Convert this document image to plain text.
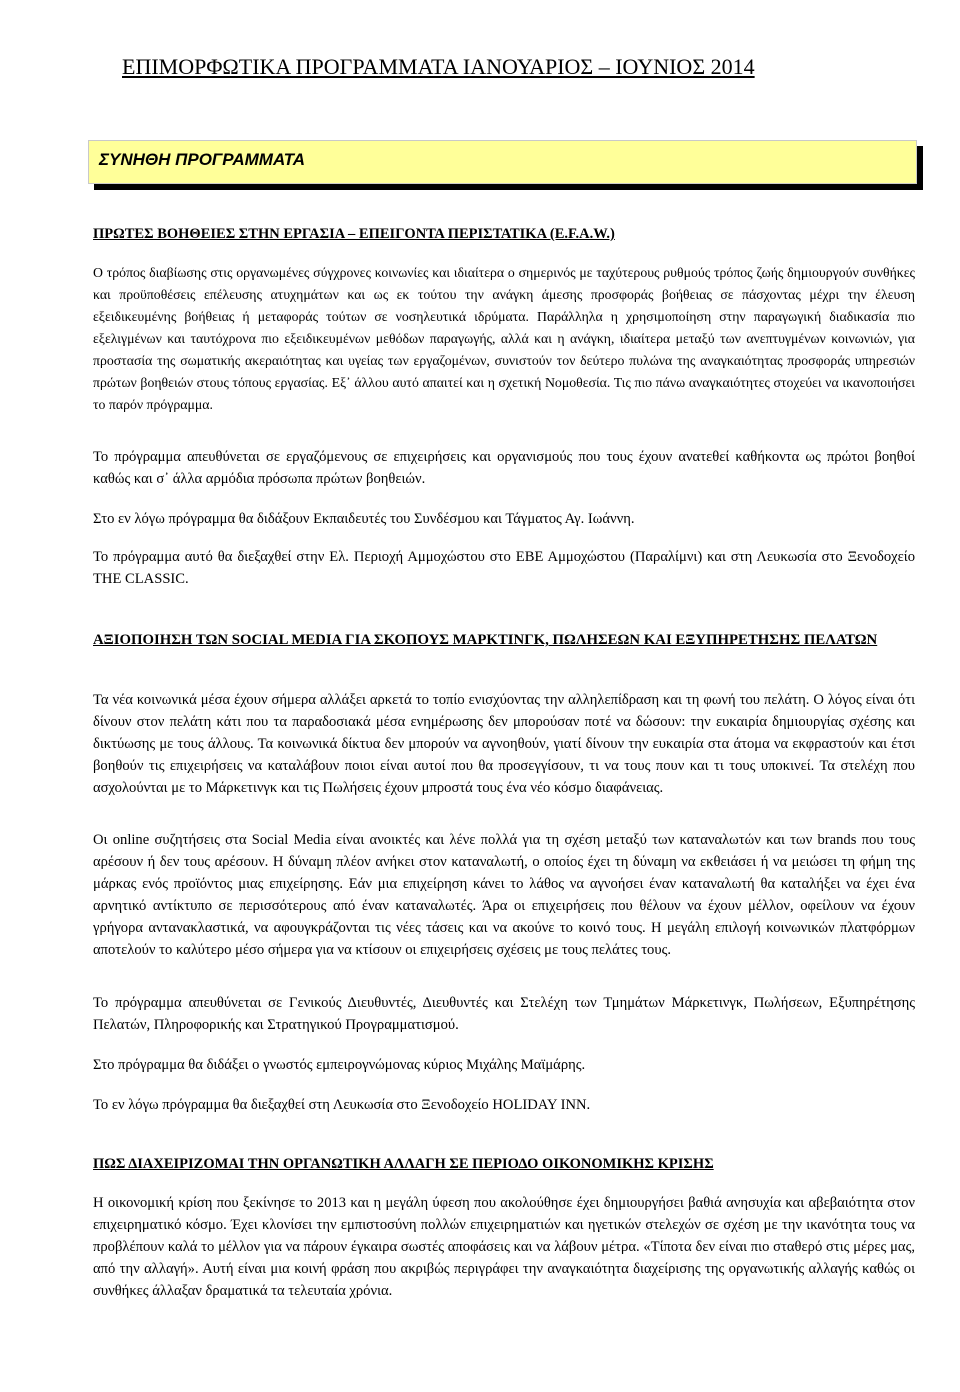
ΕΠΙΜΟΡΦΩΤΙΚΑ ΠΡΟΓΡΑΜΜΑΤΑ ΙΑΝΟΥΑΡΙΟΣ – ΙΟΥΝΙΟΣ 2014
ΣΥΝΗΘΗ ΠΡΟΓΡΑΜΜΑΤΑ
ΠΡΩΤΕΣ ΒΟΗΘΕΙΕΣ ΣΤΗΝ ΕΡΓΑΣΙΑ – ΕΠΕΙΓΟΝΤΑ ΠΕΡΙΣΤΑΤΙΚΑ (E.F.A.W.)

Ο τρόπος διαβίωσης στις οργανωμένες σύγχρονες κοινωνίες και ιδιαίτερα ο σημερινός με ταχύτερους ρυθμούς τρόπος ζωής δημιουργούν συνθήκες και προϋποθέσεις επέλευσης ατυχημάτων και ως εκ τούτου την ανάγκη άμεσης προσφοράς βοήθειας σε πάσχοντας μέχρι την έλευση εξειδικευμένης βοήθειας ή μεταφοράς τούτων σε νοσηλευτικά ιδρύματα. Παράλληλα η χρησιμοποίηση στην παραγωγική διαδικασία πιο εξελιγμένων και ταυτόχρονα πιο εξειδικευμένων μεθόδων παραγωγής, αλλά και η ανάγκη, ιδιαίτερα μεταξύ των ανεπτυγμένων κοινωνιών, για προστασία της σωματικής ακεραιότητας και υγείας των εργαζομένων, συνιστούν τον δεύτερο πυλώνα της αναγκαιότητας προσφοράς υπηρεσιών πρώτων βοηθειών στους τόπους εργασίας. Εξ᾽ άλλου αυτό απαιτεί και η σχετική Νομοθεσία. Τις πιο πάνω αναγκαιότητες στοχεύει να ικανοποιήσει το παρόν πρόγραμμα.

Το πρόγραμμα απευθύνεται σε εργαζόμενους σε επιχειρήσεις και οργανισμούς που τους έχουν ανατεθεί καθήκοντα ως πρώτοι βοηθοί καθώς και σ᾽ άλλα αρμόδια πρόσωπα πρώτων βοηθειών.

Στο εν λόγω πρόγραμμα θα διδάξουν Εκπαιδευτές του Συνδέσμου και Τάγματος Αγ. Ιωάννη.

Το πρόγραμμα αυτό θα διεξαχθεί στην Ελ. Περιοχή Αμμοχώστου στο ΕΒΕ Αμμοχώστου (Παραλίμνι) και στη Λευκωσία στο Ξενοδοχείο THE CLASSIC.

ΑΞΙΟΠΟΙΗΣΗ ΤΩΝ SOCIAL MEDIA ΓΙΑ ΣΚΟΠΟΥΣ ΜΑΡΚΤΙΝΓΚ, ΠΩΛΗΣΕΩΝ ΚΑΙ ΕΞΥΠΗΡΕΤΗΣΗΣ ΠΕΛΑΤΩΝ

Τα νέα κοινωνικά μέσα έχουν σήμερα αλλάξει αρκετά το τοπίο ενισχύοντας την αλληλεπίδραση και τη φωνή του πελάτη. Ο λόγος είναι ότι δίνουν στον πελάτη κάτι που τα παραδοσιακά μέσα ενημέρωσης δεν μπορούσαν ποτέ να δώσουν: την ευκαιρία δημιουργίας σχέσης και δικτύωσης με τους άλλους. Τα κοινωνικά δίκτυα δεν μπορούν να αγνοηθούν, γιατί δίνουν την ευκαιρία στα άτομα να εκφραστούν και έτσι βοηθούν τις επιχειρήσεις να καταλάβουν ποιοι είναι αυτοί που θα προσεγγίσουν, τι να τους πουν και τι τους υποκινεί. Τα στελέχη που ασχολούνται με το Μάρκετινγκ και τις Πωλήσεις έχουν μπροστά τους ένα νέο κόσμο διαφάνειας.

Οι online συζητήσεις στα Social Media είναι ανοικτές και λένε πολλά για τη σχέση μεταξύ των καταναλωτών και των brands που τους αρέσουν ή δεν τους αρέσουν. Η δύναμη πλέον ανήκει στον καταναλωτή, ο οποίος έχει τη δύναμη να εκθειάσει ή να μειώσει τη φήμη της μάρκας ενός προϊόντος μιας επιχείρησης. Εάν μια επιχείρηση κάνει το λάθος να αγνοήσει έναν καταναλωτή θα καταλήξει να έχει ένα αρνητικό αντίκτυπο σε περισσότερους από έναν καταναλωτές. Άρα οι επιχειρήσεις που θέλουν να έχουν μέλλον, οφείλουν να έχουν γρήγορα αντανακλαστικά, να αφουγκράζονται τις νέες τάσεις και να ακούνε το κοινό τους. Η μεγάλη επιλογή κοινωνικών πλατφόρμων αποτελούν το καλύτερο μέσο σήμερα για να κτίσουν οι επιχειρήσεις σχέσεις με τους πελάτες τους.

Το πρόγραμμα απευθύνεται σε Γενικούς Διευθυντές, Διευθυντές και Στελέχη των Τμημάτων Μάρκετινγκ, Πωλήσεων, Εξυπηρέτησης Πελατών, Πληροφορικής και Στρατηγικού Προγραμματισμού.

Στο πρόγραμμα θα διδάξει ο γνωστός εμπειρογνώμονας κύριος Μιχάλης Μαϊμάρης.

Το εν λόγω πρόγραμμα θα διεξαχθεί στη Λευκωσία στο Ξενοδοχείο HOLIDAY INN.

ΠΩΣ ΔΙΑΧΕΙΡΙΖΟΜΑΙ ΤΗΝ ΟΡΓΑΝΩΤΙΚΗ ΑΛΛΑΓΗ ΣΕ ΠΕΡΙΟΔΟ ΟΙΚΟΝΟΜΙΚΗΣ ΚΡΙΣΗΣ

Η οικονομική κρίση που ξεκίνησε το 2013 και η μεγάλη ύφεση που ακολούθησε έχει δημιουργήσει βαθιά ανησυχία και αβεβαιότητα στον επιχειρηματικό κόσμο. Έχει κλονίσει την εμπιστοσύνη πολλών επιχειρηματιών και ηγετικών στελεχών σε σχέση με την ικανότητα τους να προβλέπουν καλά το μέλλον για να πάρουν έγκαιρα σωστές αποφάσεις και να λάβουν μέτρα. «Τίποτα δεν είναι πιο σταθερό στις μέρες μας, από την αλλαγή». Αυτή είναι μια κοινή φράση που ακριβώς περιγράφει την αναγκαιότητα διαχείρισης της οργανωτικής αλλαγής καθώς οι συνθήκες άλλαξαν δραματικά τα τελευταία χρόνια.
